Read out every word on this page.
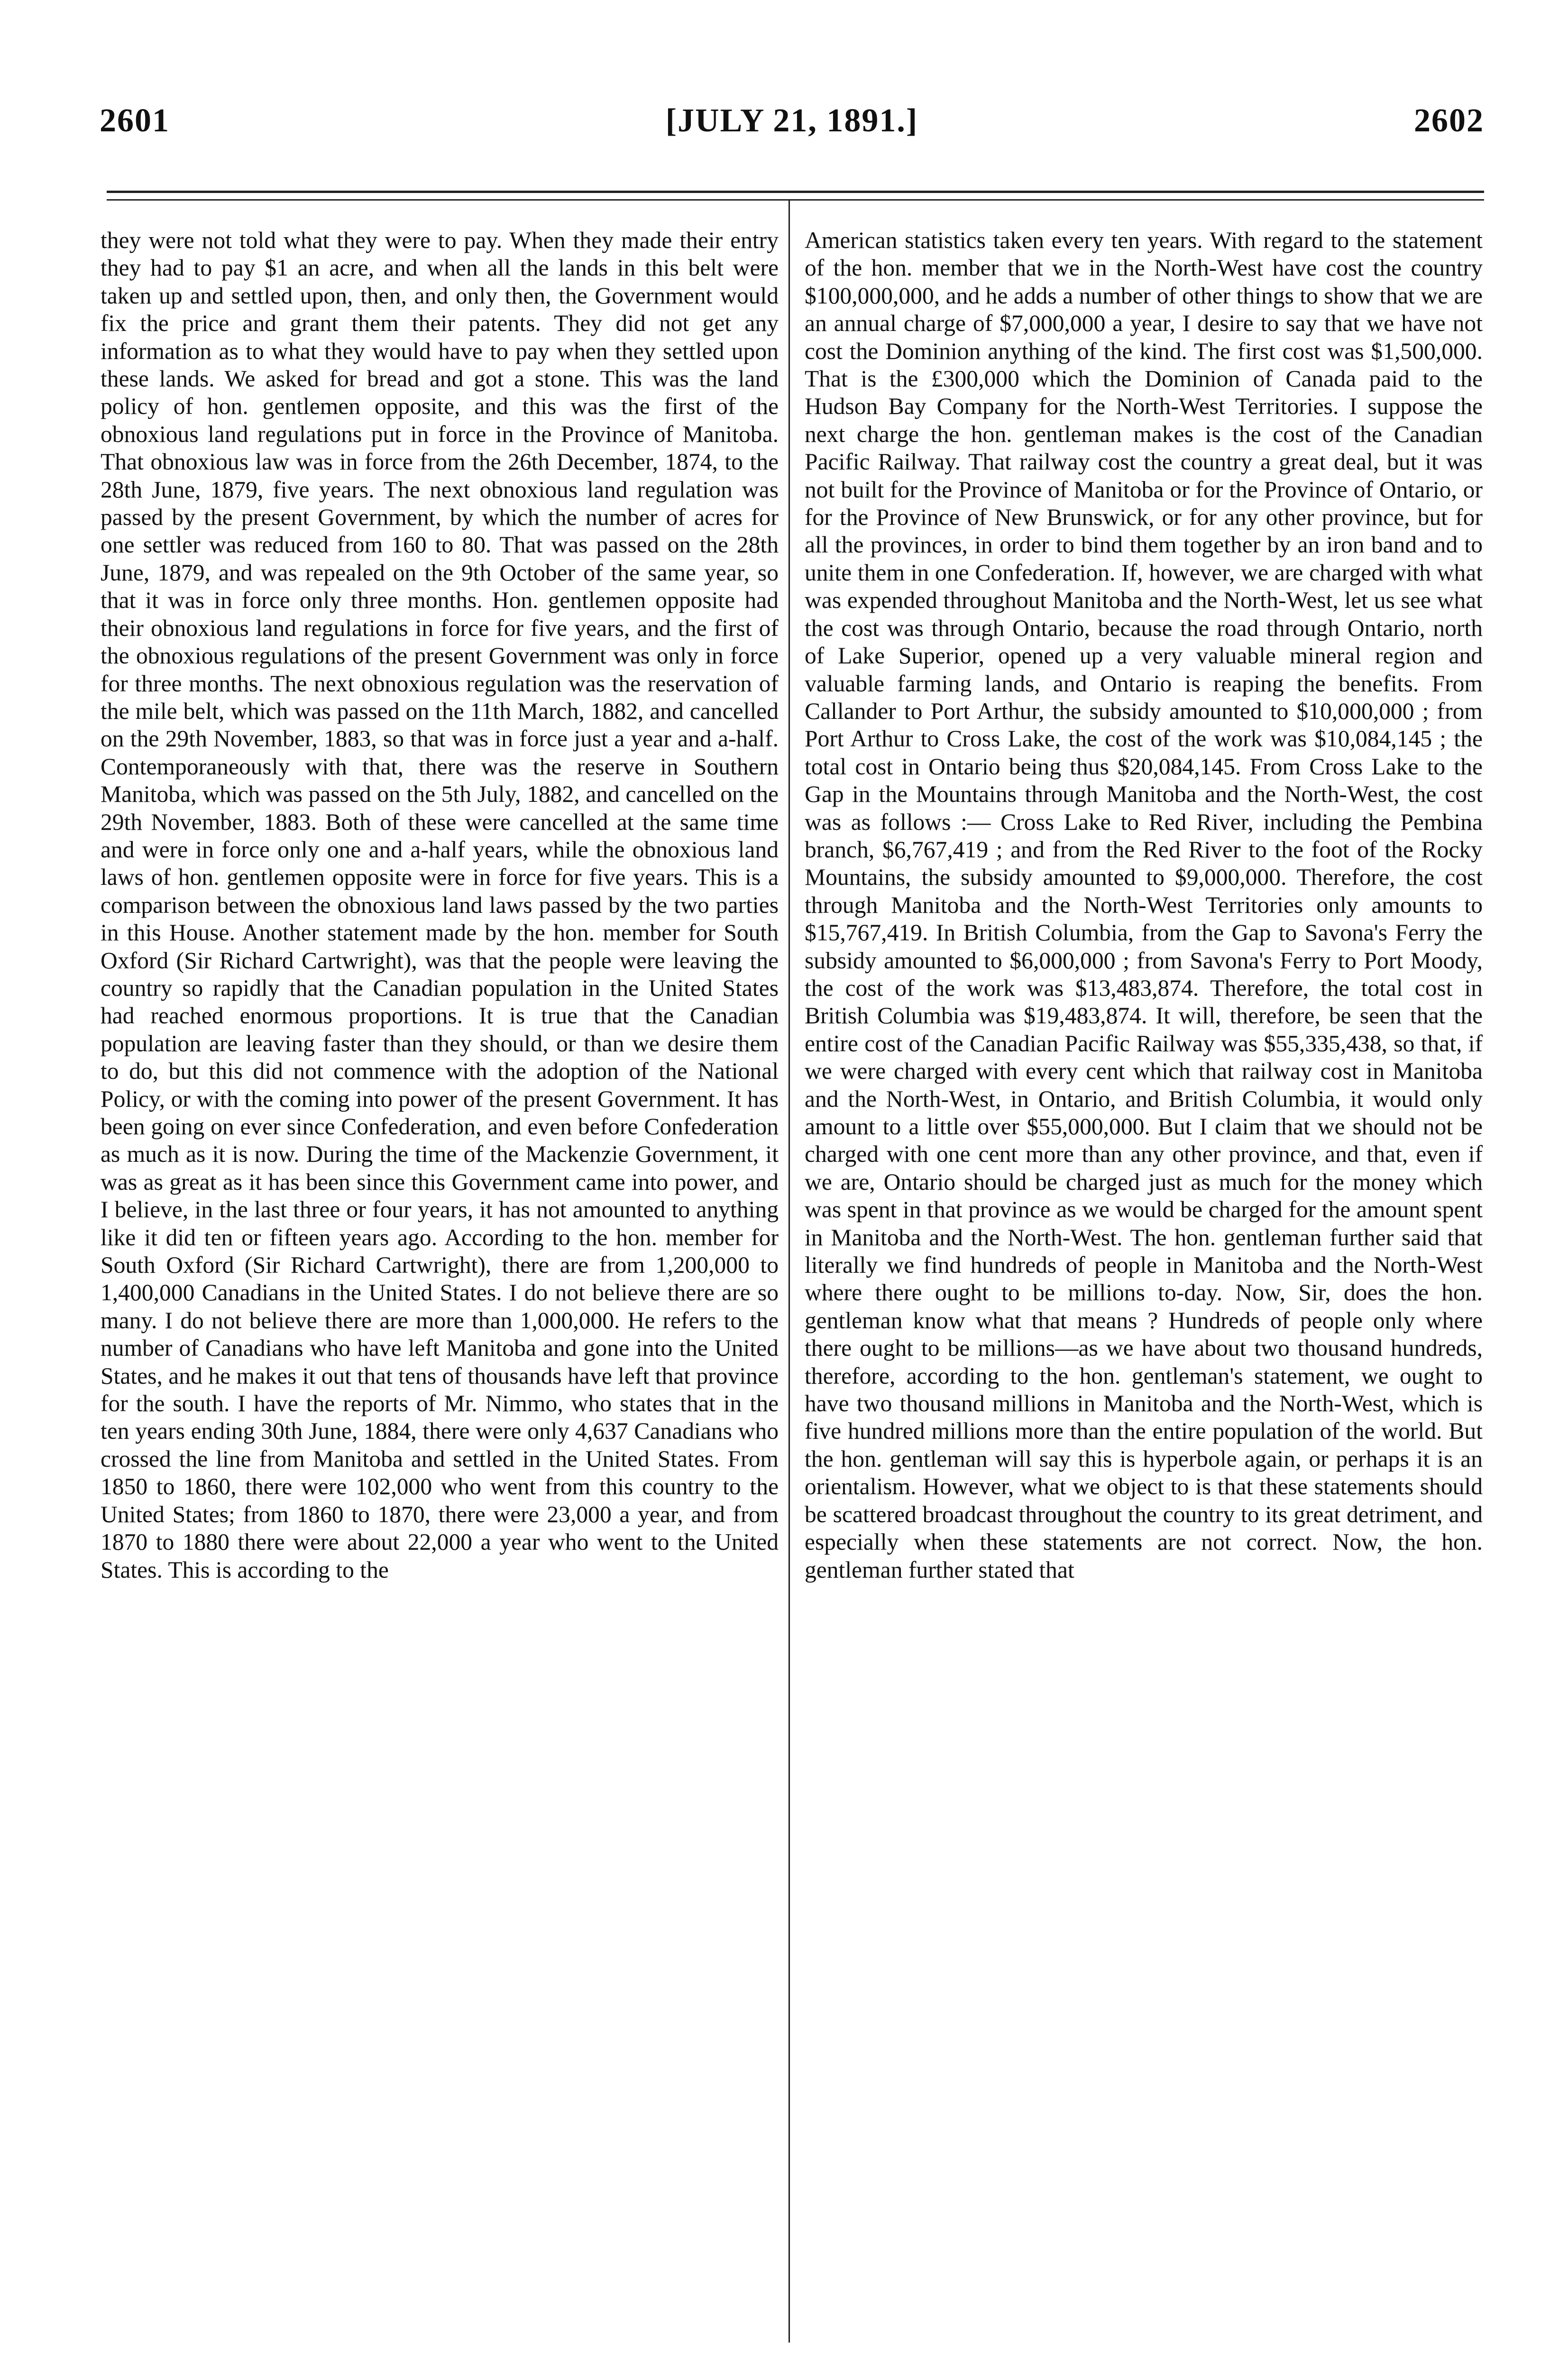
2601	[JULY 21, 1891.]	2602

they were not told what they were to pay. When they made their entry they had to pay $1 an acre, and when all the lands in this belt were taken up and settled upon, then, and only then, the Government would fix the price and grant them their patents. They did not get any information as to what they would have to pay when they settled upon these lands. We asked for bread and got a stone. This was the land policy of hon. gentlemen opposite, and this was the first of the obnoxious land regulations put in force in the Province of Manitoba. That obnoxious law was in force from the 26th December, 1874, to the 28th June, 1879, five years. The next obnoxious land regulation was passed by the present Government, by which the number of acres for one settler was reduced from 160 to 80. That was passed on the 28th June, 1879, and was repealed on the 9th October of the same year, so that it was in force only three months. Hon. gentlemen opposite had their obnoxious land regulations in force for five years, and the first of the obnoxious regulations of the present Government was only in force for three months. The next obnoxious regulation was the reservation of the mile belt, which was passed on the 11th March, 1882, and cancelled on the 29th November, 1883, so that was in force just a year and a-half. Contemporaneously with that, there was the reserve in Southern Manitoba, which was passed on the 5th July, 1882, and cancelled on the 29th November, 1883. Both of these were cancelled at the same time and were in force only one and a-half years, while the obnoxious land laws of hon. gentlemen opposite were in force for five years. This is a comparison between the obnoxious land laws passed by the two parties in this House. Another statement made by the hon. member for South Oxford (Sir Richard Cartwright), was that the people were leaving the country so rapidly that the Canadian population in the United States had reached enormous proportions. It is true that the Canadian population are leaving faster than they should, or than we desire them to do, but this did not commence with the adoption of the National Policy, or with the coming into power of the present Government. It has been going on ever since Confederation, and even before Confederation as much as it is now. During the time of the Mackenzie Government, it was as great as it has been since this Government came into power, and I believe, in the last three or four years, it has not amounted to anything like it did ten or fifteen years ago. According to the hon. member for South Oxford (Sir Richard Cartwright), there are from 1,200,000 to 1,400,000 Canadians in the United States. I do not believe there are so many. I do not believe there are more than 1,000,000. He refers to the number of Canadians who have left Manitoba and gone into the United States, and he makes it out that tens of thousands have left that province for the south. I have the reports of Mr. Nimmo, who states that in the ten years ending 30th June, 1884, there were only 4,637 Canadians who crossed the line from Manitoba and settled in the United States. From 1850 to 1860, there were 102,000 who went from this country to the United States; from 1860 to 1870, there were 23,000 a year, and from 1870 to 1880 there were about 22,000 a year who went to the United States. This is according to the

American statistics taken every ten years. With regard to the statement of the hon. member that we in the North-West have cost the country $100,000,000, and he adds a number of other things to show that we are an annual charge of $7,000,000 a year, I desire to say that we have not cost the Dominion anything of the kind. The first cost was $1,500,000. That is the £300,000 which the Dominion of Canada paid to the Hudson Bay Company for the North-West Territories. I suppose the next charge the hon. gentleman makes is the cost of the Canadian Pacific Railway. That railway cost the country a great deal, but it was not built for the Province of Manitoba or for the Province of Ontario, or for the Province of New Brunswick, or for any other province, but for all the provinces, in order to bind them together by an iron band and to unite them in one Confederation. If, however, we are charged with what was expended throughout Manitoba and the North-West, let us see what the cost was through Ontario, because the road through Ontario, north of Lake Superior, opened up a very valuable mineral region and valuable farming lands, and Ontario is reaping the benefits. From Callander to Port Arthur, the subsidy amounted to $10,000,000 ; from Port Arthur to Cross Lake, the cost of the work was $10,084,145 ; the total cost in Ontario being thus $20,084,145. From Cross Lake to the Gap in the Mountains through Manitoba and the North-West, the cost was as follows :— Cross Lake to Red River, including the Pembina branch, $6,767,419 ; and from the Red River to the foot of the Rocky Mountains, the subsidy amounted to $9,000,000. Therefore, the cost through Manitoba and the North-West Territories only amounts to $15,767,419. In British Columbia, from the Gap to Savona's Ferry the subsidy amounted to $6,000,000 ; from Savona's Ferry to Port Moody, the cost of the work was $13,483,874. Therefore, the total cost in British Columbia was $19,483,874. It will, therefore, be seen that the entire cost of the Canadian Pacific Railway was $55,335,438, so that, if we were charged with every cent which that railway cost in Manitoba and the North-West, in Ontario, and British Columbia, it would only amount to a little over $55,000,000. But I claim that we should not be charged with one cent more than any other province, and that, even if we are, Ontario should be charged just as much for the money which was spent in that province as we would be charged for the amount spent in Manitoba and the North-West. The hon. gentleman further said that literally we find hundreds of people in Manitoba and the North-West where there ought to be millions to-day. Now, Sir, does the hon. gentleman know what that means ? Hundreds of people only where there ought to be millions—as we have about two thousand hundreds, therefore, according to the hon. gentleman's statement, we ought to have two thousand millions in Manitoba and the North-West, which is five hundred millions more than the entire population of the world. But the hon. gentleman will say this is hyperbole again, or perhaps it is an orientalism. However, what we object to is that these statements should be scattered broadcast throughout the country to its great detriment, and especially when these statements are not correct. Now, the hon. gentleman further stated that
